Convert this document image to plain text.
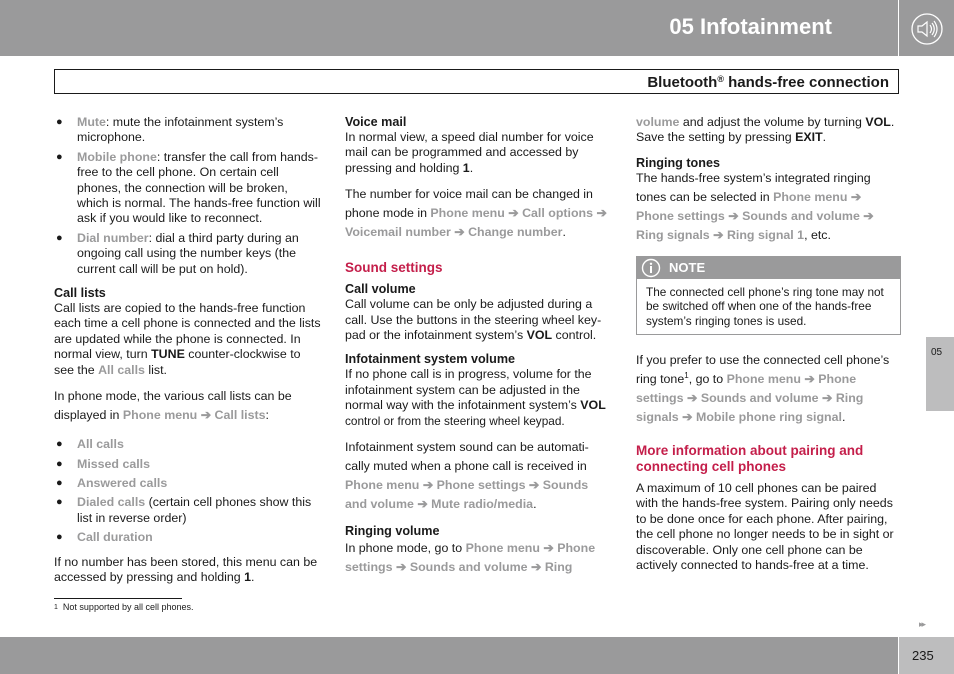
05 Infotainment
Bluetooth® hands-free connection
● Mute: mute the infotainment system’s microphone.
● Mobile phone: transfer the call from hands-free to the cell phone. On certain cell phones, the connection will be broken, which is normal. The hands-free function will ask if you would like to reconnect.
● Dial number: dial a third party during an ongoing call using the number keys (the current call will be put on hold).
Call lists

Call lists are copied to the hands-free function each time a cell phone is connected and the lists are updated while the phone is connected. In normal view, turn TUNE counter-clockwise to see the All calls list.

In phone mode, the various call lists can be displayed in Phone menu ➔ Call lists:

● All calls
● Missed calls
● Answered calls
● Dialed calls (certain cell phones show this list in reverse order)
● Call duration

If no number has been stored, this menu can be accessed by pressing and holding 1.

Voice mail

In normal view, a speed dial number for voice mail can be programmed and accessed by pressing and holding 1.

The number for voice mail can be changed in phone mode in Phone menu ➔ Call options ➔ Voicemail number ➔ Change number.

Sound settings
Call volume

Call volume can be only be adjusted during a call. Use the buttons in the steering wheel key-pad or the infotainment system’s VOL control.

Infotainment system volume

If no phone call is in progress, volume for the infotainment system can be adjusted in the normal way with the infotainment system’s VOL control or from the steering wheel keypad.

Infotainment system sound can be automati-cally muted when a phone call is received in Phone menu ➔ Phone settings ➔ Sounds and volume ➔ Mute radio/media.

Ringing volume

In phone mode, go to Phone menu ➔ Phone settings ➔ Sounds and volume ➔ Ring

volume and adjust the volume by turning VOL. Save the setting by pressing EXIT.

Ringing tones

The hands-free system’s integrated ringing tones can be selected in Phone menu ➔ Phone settings ➔ Sounds and volume ➔ Ring signals ➔ Ring signal 1, etc.

NOTE
The connected cell phone’s ring tone may not be switched off when one of the hands-free system’s ringing tones is used.

If you prefer to use the connected cell phone’s ring tone$^1$, go to Phone menu ➔ Phone settings ➔ Sounds and volume ➔ Ring signals ➔ Mobile phone ring signal.

More information about pairing and connecting cell phones

A maximum of 10 cell phones can be paired with the hands-free system. Pairing only needs to be done once for each phone. After pairing, the cell phone no longer needs to be in sight or discoverable. Only one cell phone can be actively connected to hands-free at a time.

05
$^1$ Not supported by all cell phones.
▸▸
235
